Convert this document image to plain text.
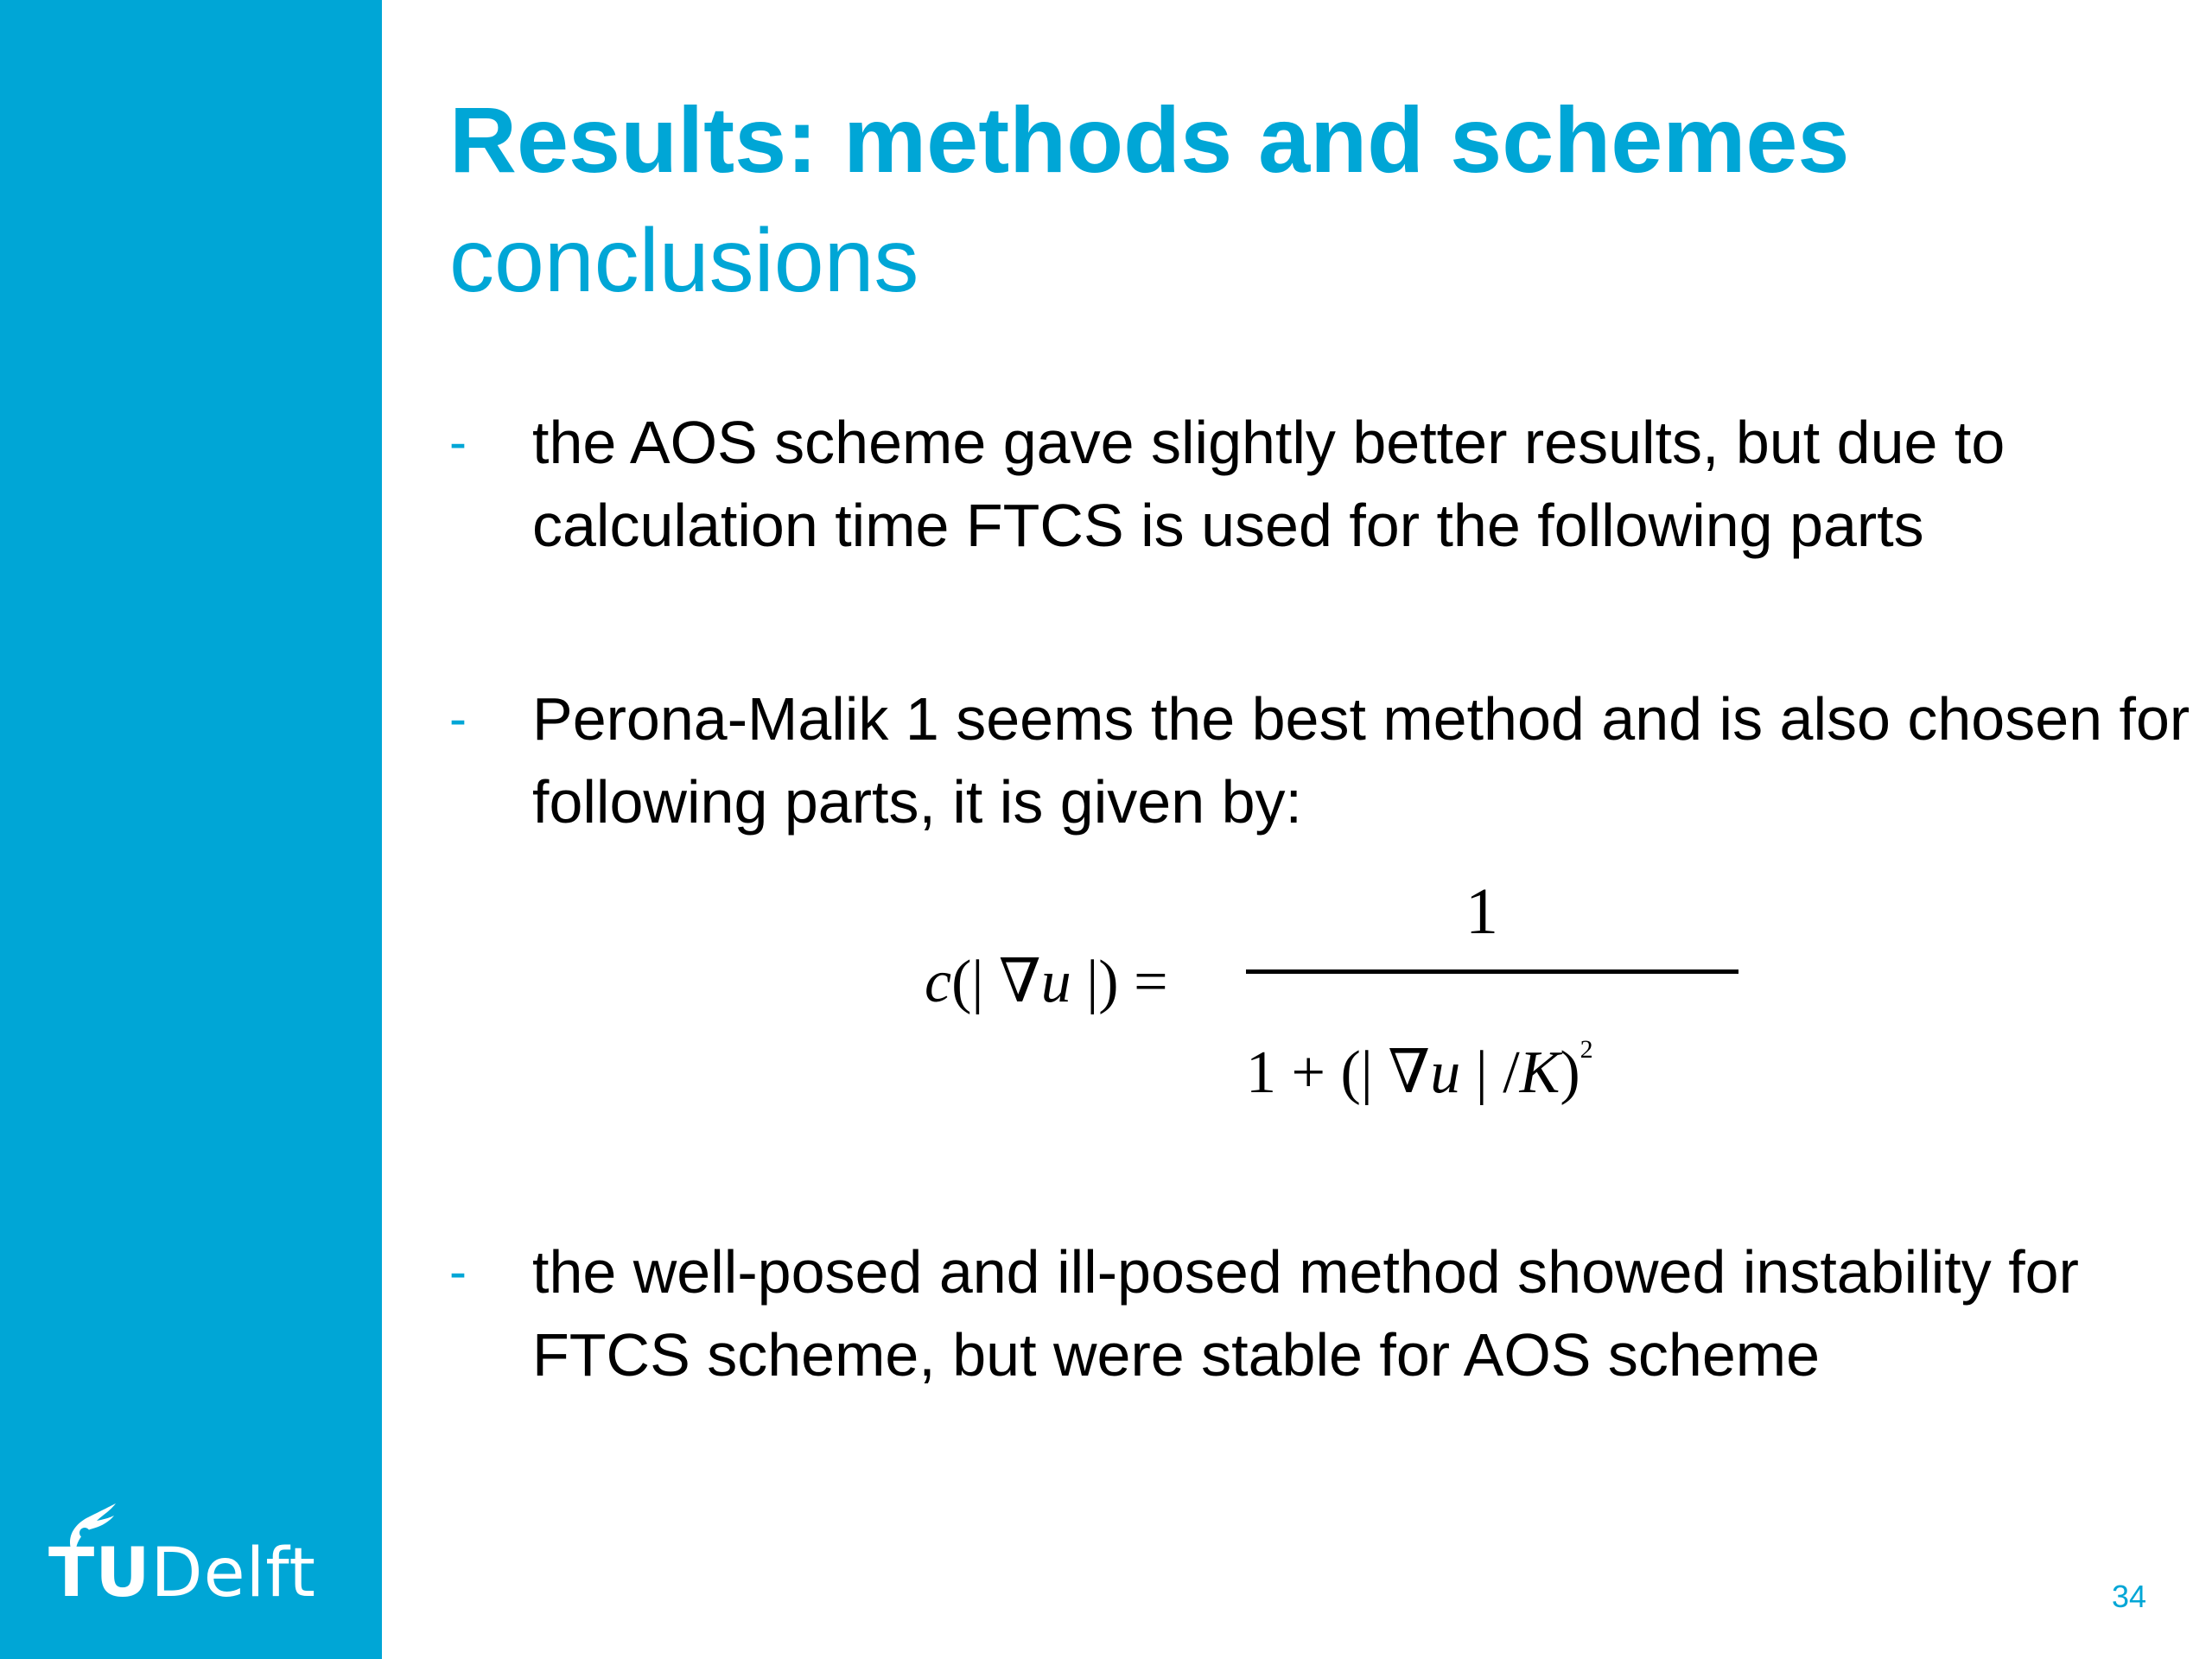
TUDelft
Results: methods and schemes
conclusions
- the AOS scheme gave slightly better results, but due to calculation time FTCS is used for the following parts
- Perona-Malik 1 seems the best method and is also chosen for following parts, it is given by:
c(| ∇u |) =
1
1 + (| ∇u | /K)$^2$
- the well-posed and ill-posed method showed instability for FTCS scheme, but were stable for AOS scheme
34
